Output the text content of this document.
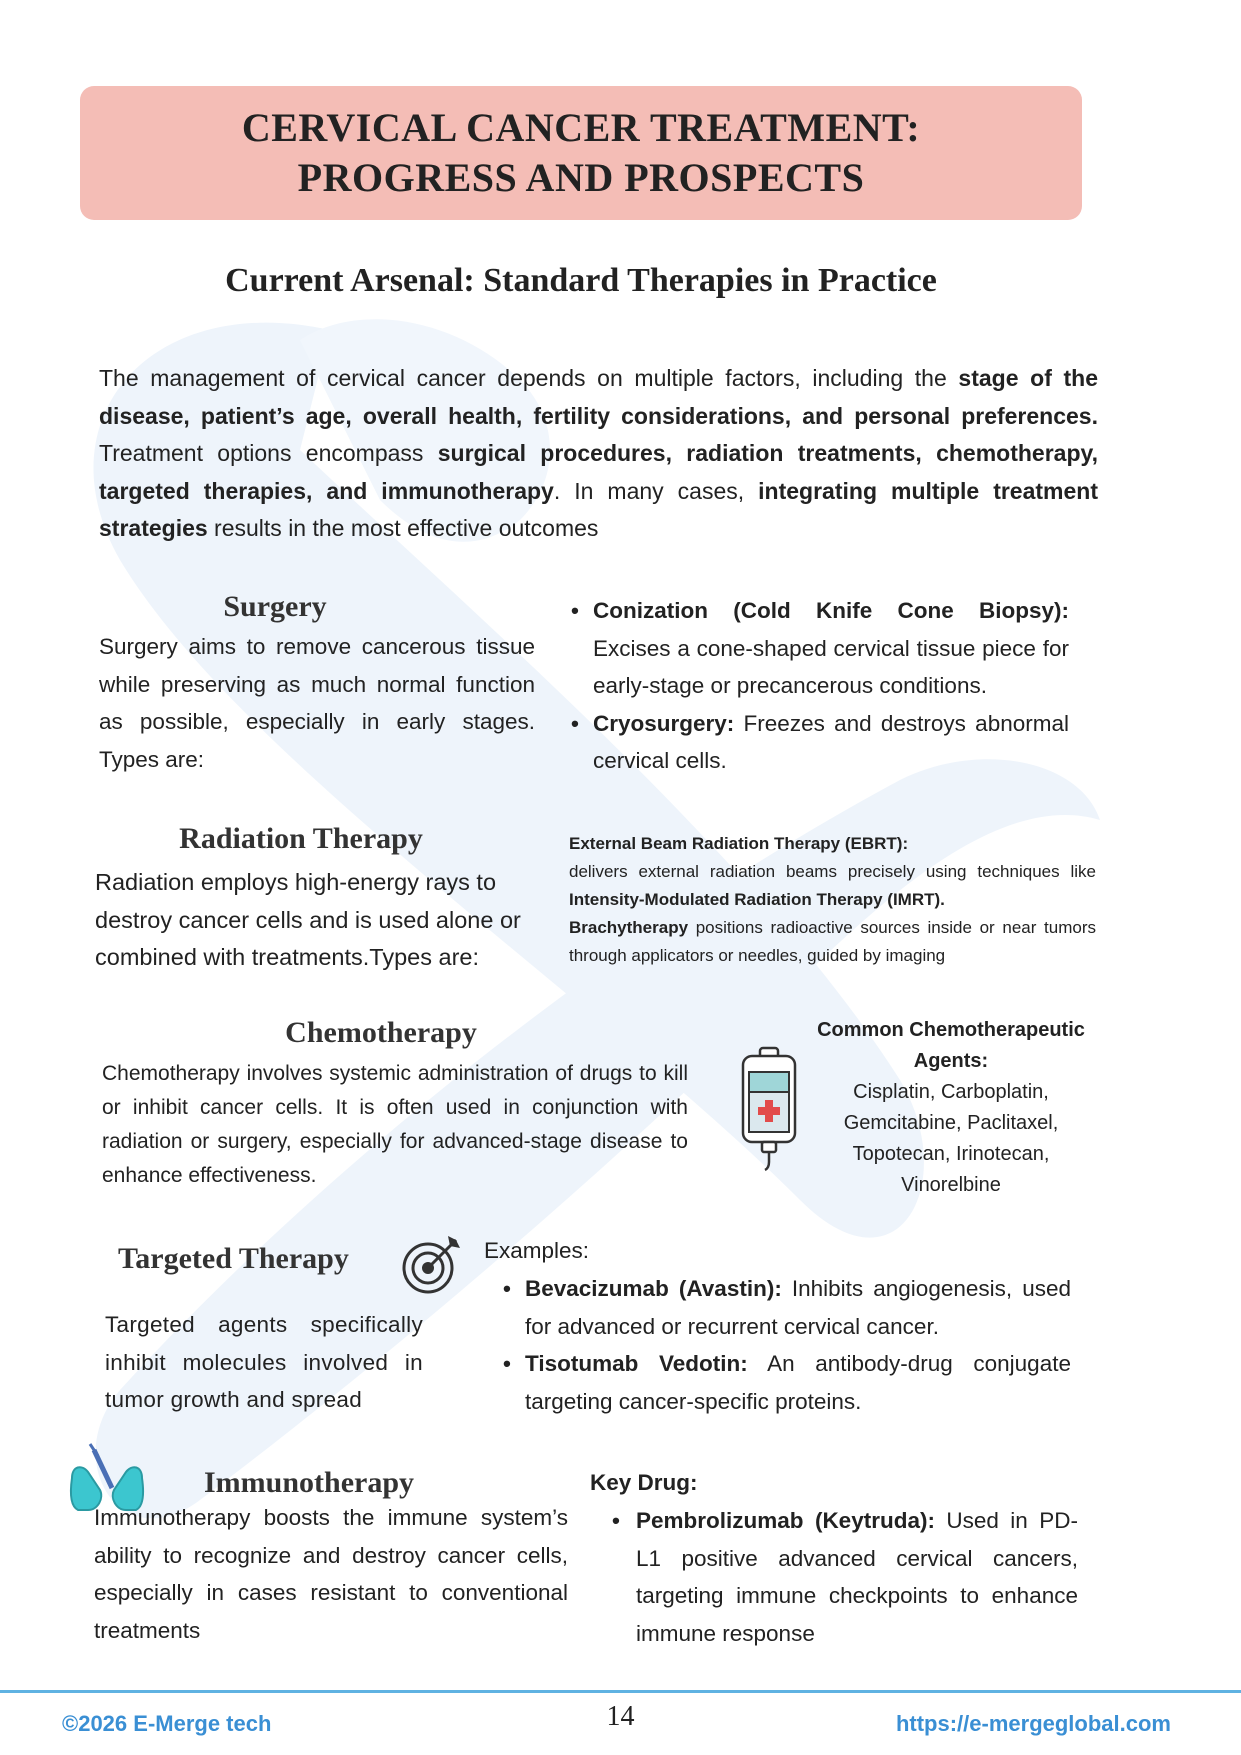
CERVICAL CANCER TREATMENT:
PROGRESS AND PROSPECTS
Current Arsenal: Standard Therapies in Practice
The management of cervical cancer depends on multiple factors, including the stage of the disease, patient’s age, overall health, fertility considerations, and personal preferences. Treatment options encompass surgical procedures, radiation treatments, chemotherapy, targeted therapies, and immunotherapy. In many cases, integrating multiple treatment strategies results in the most effective outcomes
Surgery
Surgery aims to remove cancerous tissue while preserving as much normal function as possible, especially in early stages. Types are:
• Conization (Cold Knife Cone Biopsy): Excises a cone-shaped cervical tissue piece for early-stage or precancerous conditions.
• Cryosurgery: Freezes and destroys abnormal cervical cells.
Radiation Therapy
Radiation employs high-energy rays to destroy cancer cells and is used alone or combined with treatments.Types are:
External Beam Radiation Therapy (EBRT):
delivers external radiation beams precisely using techniques like Intensity-Modulated Radiation Therapy (IMRT).
Brachytherapy positions radioactive sources inside or near tumors through applicators or needles, guided by imaging
Chemotherapy
Chemotherapy involves systemic administration of drugs to kill or inhibit cancer cells. It is often used in conjunction with radiation or surgery, especially for advanced-stage disease to enhance effectiveness.
Common Chemotherapeutic Agents:
Cisplatin, Carboplatin,
Gemcitabine, Paclitaxel,
Topotecan, Irinotecan,
Vinorelbine
Targeted Therapy
Targeted agents specifically inhibit molecules involved in tumor growth and spread
Examples:
• Bevacizumab (Avastin): Inhibits angiogenesis, used for advanced or recurrent cervical cancer.
• Tisotumab Vedotin: An antibody-drug conjugate targeting cancer-specific proteins.
Immunotherapy
Immunotherapy boosts the immune system’s ability to recognize and destroy cancer cells, especially in cases resistant to conventional treatments
Key Drug:
• Pembrolizumab (Keytruda): Used in PD-L1 positive advanced cervical cancers, targeting immune checkpoints to enhance immune response
©2026 E-Merge tech	14	https://e-mergeglobal.com
